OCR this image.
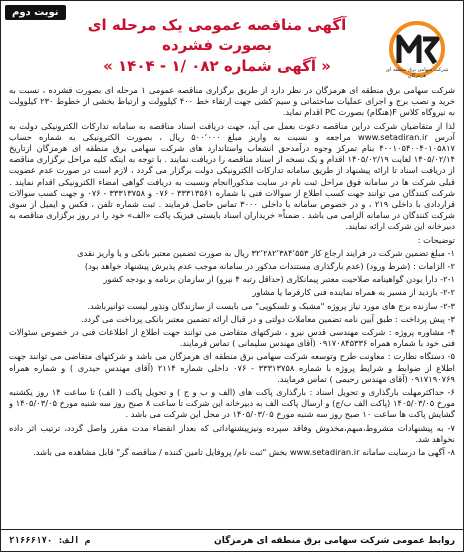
نوبت دوم
آگهی مناقصه عمومی یک مرحله ای بصورت فشرده
« آگهی شماره ۰۸۲ /۱ - ۱۴۰۴ »	شرکت سهامی برق منطقه ای هرمزگان

شرکت سهامی برق منطقه ای هرمزگان در نظر دارد از طریق برگزاری مناقصه عمومی ۱ مرحله ای بصورت فشرده ، نسبت به خرید و نصب برج و اجرای عملیات ساختمانی و سیم کشی جهت ارتقاء خط ۴۰۰ کیلوولت و ارتباط بخشی از خطوط ۲۳۰ کیلوولت به نیروگاه کلاس F(هنگام) بصورت PC اقدام نماید.

لذا از متقاضیان شرکت دراین مناقصه دعوت بعمل می آید، جهت دریافت اسناد مناقصه به سامانه تدارکات الکترونیکی دولت به آدرس www.setadiran.ir مراجعه و نسبت به واریز مبلغ ۵۰۰٬۰۰۰ ریال ، بصورت الکترونیکی به شماره حساب ۴۰۰۱۰۵۴۰۰۴۰۱۰۵۸۱۷ بنام تمرکز وجوه درآمدحق انشعاب واستاندارد های شرکت سهامی برق منطقه ای هرمزگان ازتاریخ ۱۴۰۵/۰۲/۱۴ لغایت ۱۴۰۵/۰۲/۱۹ اقدام و یک نسخه از اسناد مناقصه را دریافت نمایند . با توجه به اینکه کلیه مراحل برگزاری مناقصه از دریافت اسناد تا ارائه پیشنهاد از طریق سامانه تدارکات الکترونیکی دولت برگزار می گردد ، لازم است در صورت عدم عضویت قبلی شرکت ها در سامانه فوق مراحل ثبت نام در سایت مذکوراانجام ونسبت به دریافت گواهی امضاء الکترونیکی اقدام نمایند . شرکت کنندگان می توانند جهت کسب اطلاع از سوالات فنی با شماره ۳۳۳۱۳۵۶۱ - ۰۷۶ و ۳۳۳۱۳۷۵۸ - ۰۷۶ و جهت کسب سوالات قراردادی با داخلی ۲۱۹ ، و در خصوص سامانه با داخلی ۳۰۰۰ تماس حاصل فرمایند . ثبت شماره تلفن ، فکس و ایمیل از سوی شرکت کنندگان در سامانه الزامی می باشد . ضمناً« خریداران اسناد بایستی فیزیک پاکت «الف» خود را در روز برگزاری مناقصه به دبیرخانه این شرکت ارائه نمایند.

توضیحات :

۱- مبلغ تضمین شرکت در فرایند ارجاع کار ۳۲٬۲۸۲٬۳۸۴٬۵۵۳ ریال به صورت تضمین معتبر بانکی و یا واریز نقدی

۲- الزامات : (شرط ورود) (عدم بارگذاری مستندات مذکور در سامانه موجب عدم پذیرش پیشنهاد خواهد بود)

۲-۱- دارا بودن گواهینامه صلاحیت معتبر پیمانکاری (حداقل رتبه ۴ نیرو) از سازمان برنامه و بودجه کشور

۲-۲- بازدید از مسیر به همراه نماینده فنی کارفرما یا مشاور

۲-۳- سازنده برج های مورد نیاز پروژه "مشبک و تلسکوپی" می بایست از سازندگان ونذور لیست توانیرباشد.

۳- پیش پرداخت : طبق آیین نامه تضمین معاملات دولتی و در قبال ارائه تضمین معتبر بانکی پرداخت می گردد.

۴- مشاوره پروژه : شرکت مهندسی قدس نیرو ، شرکتهای متقاضی می توانند جهت اطلاع از اطلاعات فنی در خصوص سئوالات فنی خود با شماره همراه ۰۹۱۷۰۸۴۵۳۳۶ (آقای مهندس سلیمانی ) تماس فرمایند.

۵- دستگاه نظارت : معاونت طرح وتوسعه شرکت سهامی برق منطقه ای هرمزگان می باشد و شرکتهای متقاضی می توانند جهت اطلاع از ضوابط و شرایط پروژه با شماره ۳۳۳۱۳۷۵۸ - ۰۷۶ داخلی شماره ۲۱۱۴ (آقای مهندس حیدری ) و شماره همراه ۰۹۱۷۱۹۰۷۶۹ (آقای مهندس رحیمی ) تماس فرمایند.

۶- حداکثرمهلت بارگذاری و تحویل اسناد : بارگذاری پاکت های (الف و ب و ج ) و تحویل پاکت ( الف) تا ساعت ۱۴ روز یکشنبه مورخ ۱۴۰۵/۰۳/۰۵ (پاکت الف ب/ج) و ارسال پاکت الف به دبیرخانه این شرکت تا ساعت ۸ صبح روز سه شنبه مورخ ۱۴۰۵/۰۳/۰۵ و گشایش پاکت ها ساعت ۱۰ صبح روز سه شنبه مورخ ۱۴۰۵/۰۳/۰۵ در محل این شرکت می باشد .

۷- به پیشنهادات مشروط،مبهم،مخدوش وفاقد سپرده ونیزپیشنهاداتی که بعداز انقضاء مدت مقرر واصل گردد، ترتیب اثر داده نخواهد شد.

۸- آگهی ما درسایت سامانه www.setadiran.ir بخش "ثبت نام/ پروفایل تامین کننده / مناقصه گر" قابل مشاهده می باشد.

روابط عمومی شرکت سهامی برق منطقه ای هرمزگان
۲۱۶۶۶۱۷۰ :م الف
